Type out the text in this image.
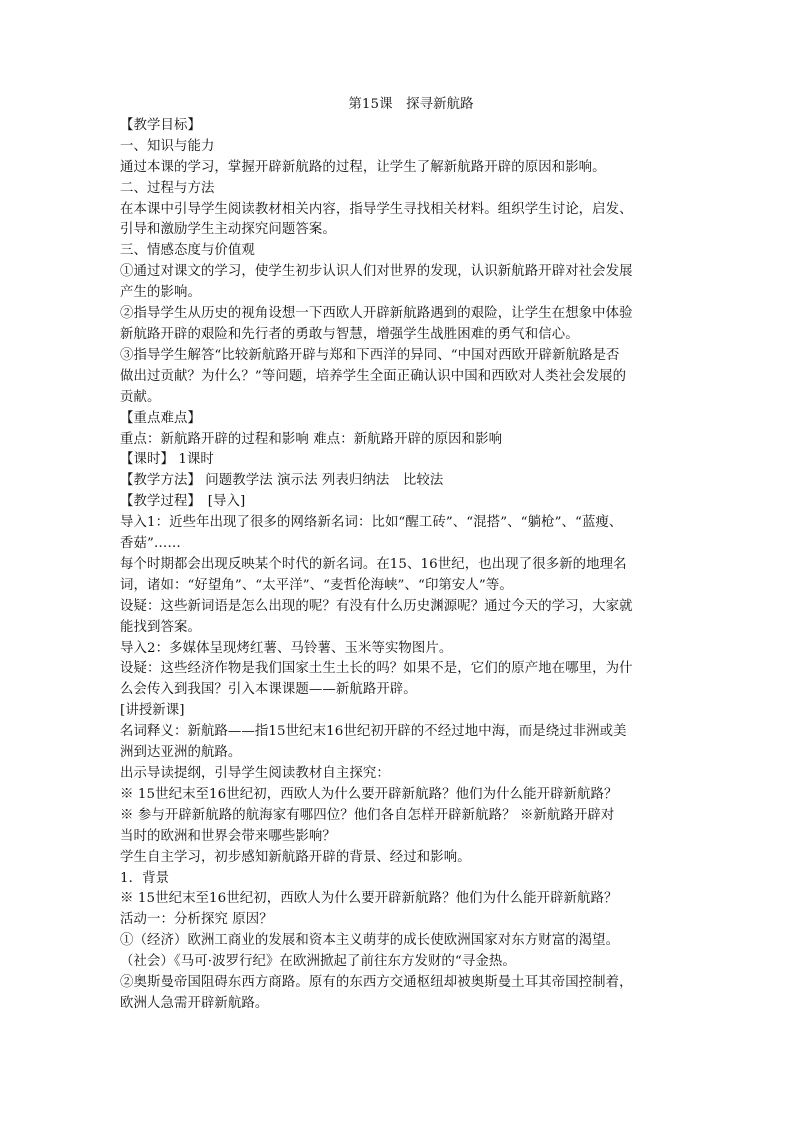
第15课　探寻新航路

【教学目标】

一、知识与能力

通过本课的学习，掌握开辟新航路的过程，让学生了解新航路开辟的原因和影响。

二、过程与方法

在本课中引导学生阅读教材相关内容，指导学生寻找相关材料。组织学生讨论，启发、

引导和激励学生主动探究问题答案。

三、情感态度与价值观

①通过对课文的学习，使学生初步认识人们对世界的发现，认识新航路开辟对社会发展

产生的影响。

②指导学生从历史的视角设想一下西欧人开辟新航路遇到的艰险，让学生在想象中体验

新航路开辟的艰险和先行者的勇敢与智慧，增强学生战胜困难的勇气和信心。

③指导学生解答“比较新航路开辟与郑和下西洋的异同、“中国对西欧开辟新航路是否

做出过贡献？为什么？”等问题，培养学生全面正确认识中国和西欧对人类社会发展的

贡献。

【重点难点】

重点：新航路开辟的过程和影响 难点：新航路开辟的原因和影响

【课时】 1课时

【教学方法】 问题教学法 演示法 列表归纳法　比较法

【教学过程】　[导入]

导入1：近些年出现了很多的网络新名词：比如“醒工砖”、“混搭”、“躺枪”、“蓝瘦、

香菇”……

每个时期都会出现反映某个时代的新名词。在15、16世纪，也出现了很多新的地理名

词，诸如：“好望角”、“太平洋”、“麦哲伦海峡”、“印第安人”等。

设疑：这些新词语是怎么出现的呢？有没有什么历史渊源呢？通过今天的学习，大家就

能找到答案。

导入2：多媒体呈现烤红薯、马铃薯、玉米等实物图片。

设疑：这些经济作物是我们国家土生土长的吗？如果不是，它们的原产地在哪里，为什

么会传入到我国？引入本课课题——新航路开辟。

[讲授新课]

名词释义：新航路——指15世纪末16世纪初开辟的不经过地中海，而是绕过非洲或美

洲到达亚洲的航路。

出示导读提纲，引导学生阅读教材自主探究：

※ 15世纪末至16世纪初，西欧人为什么要开辟新航路？他们为什么能开辟新航路？

※ 参与开辟新航路的航海家有哪四位？他们各自怎样开辟新航路？ ※新航路开辟对

当时的欧洲和世界会带来哪些影响？

学生自主学习，初步感知新航路开辟的背景、经过和影响。

1．背景

※ 15世纪末至16世纪初，西欧人为什么要开辟新航路？他们为什么能开辟新航路？

活动一：分析探究 原因？

①（经济）欧洲工商业的发展和资本主义萌芽的成长使欧洲国家对东方财富的渴望。

（社会）《马可·波罗行纪》在欧洲掀起了前往东方发财的“寻金热。

②奥斯曼帝国阻碍东西方商路。原有的东西方交通枢纽却被奥斯曼土耳其帝国控制着，

欧洲人急需开辟新航路。
